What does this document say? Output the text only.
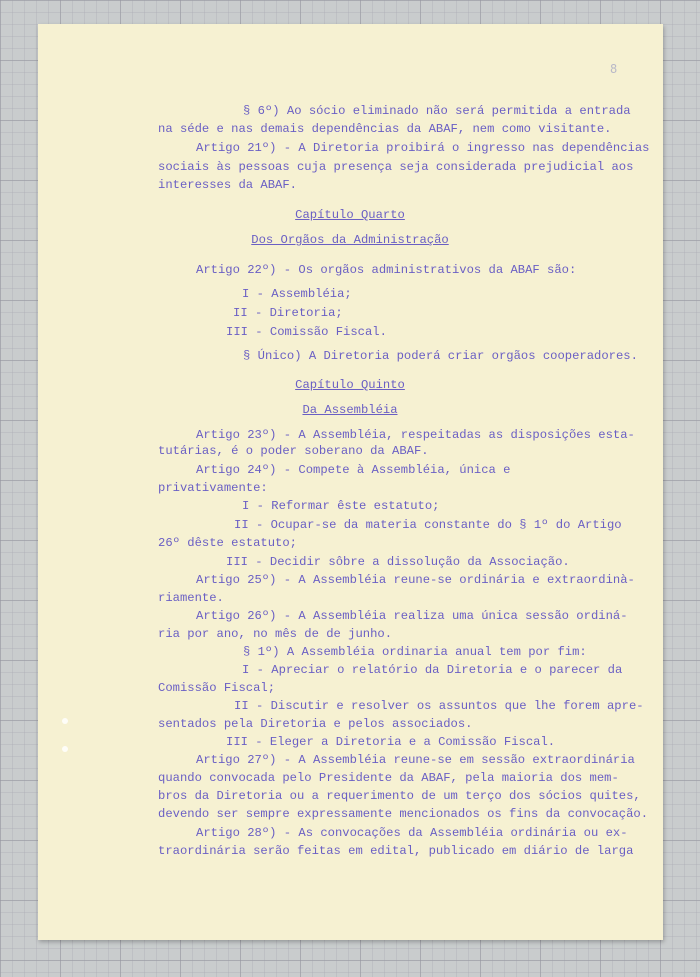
8
§ 6º) Ao sócio eliminado não será permitida a entrada
na séde e nas demais dependências da ABAF, nem como visitante.
Artigo 21º) - A Diretoria proibirá o ingresso nas dependências
sociais às pessoas cuja presença seja considerada prejudicial aos
interesses da ABAF.
Capítulo Quarto
Dos Orgãos da Administração
Artigo 22º) - Os orgãos administrativos da ABAF são:
I - Assembléia;
II - Diretoria;
III - Comissão Fiscal.
§ Único) A Diretoria poderá criar orgãos cooperadores.
Capítulo Quinto
Da Assembléia
Artigo 23º) - A Assembléia, respeitadas as disposições esta-
tutárias, é o poder soberano da ABAF.
Artigo 24º) - Compete à Assembléia, única e
privativamente:
I - Reformar êste estatuto;
II - Ocupar-se da materia constante do § 1º do Artigo
26º dêste estatuto;
III - Decidir sôbre a dissolução da Associação.
Artigo 25º) - A Assembléia reune-se ordinária e extraordinà-
riamente.
Artigo 26º) - A Assembléia realiza uma única sessão ordiná-
ria por ano, no mês de de junho.
§ 1º) A Assembléia ordinaria anual tem por fim:
I - Apreciar o relatório da Diretoria e o parecer da
Comissão Fiscal;
II - Discutir e resolver os assuntos que lhe forem apre-
sentados pela Diretoria e pelos associados.
III - Eleger a Diretoria e a Comissão Fiscal.
Artigo 27º) - A Assembléia reune-se em sessão extraordinária
quando convocada pelo Presidente da ABAF, pela maioria dos mem-
bros da Diretoria ou a requerimento de um terço dos sócios quites,
devendo ser sempre expressamente mencionados os fins da convocação.
Artigo 28º) - As convocações da Assembléia ordinária ou ex-
traordinária serão feitas em edital, publicado em diário de larga
